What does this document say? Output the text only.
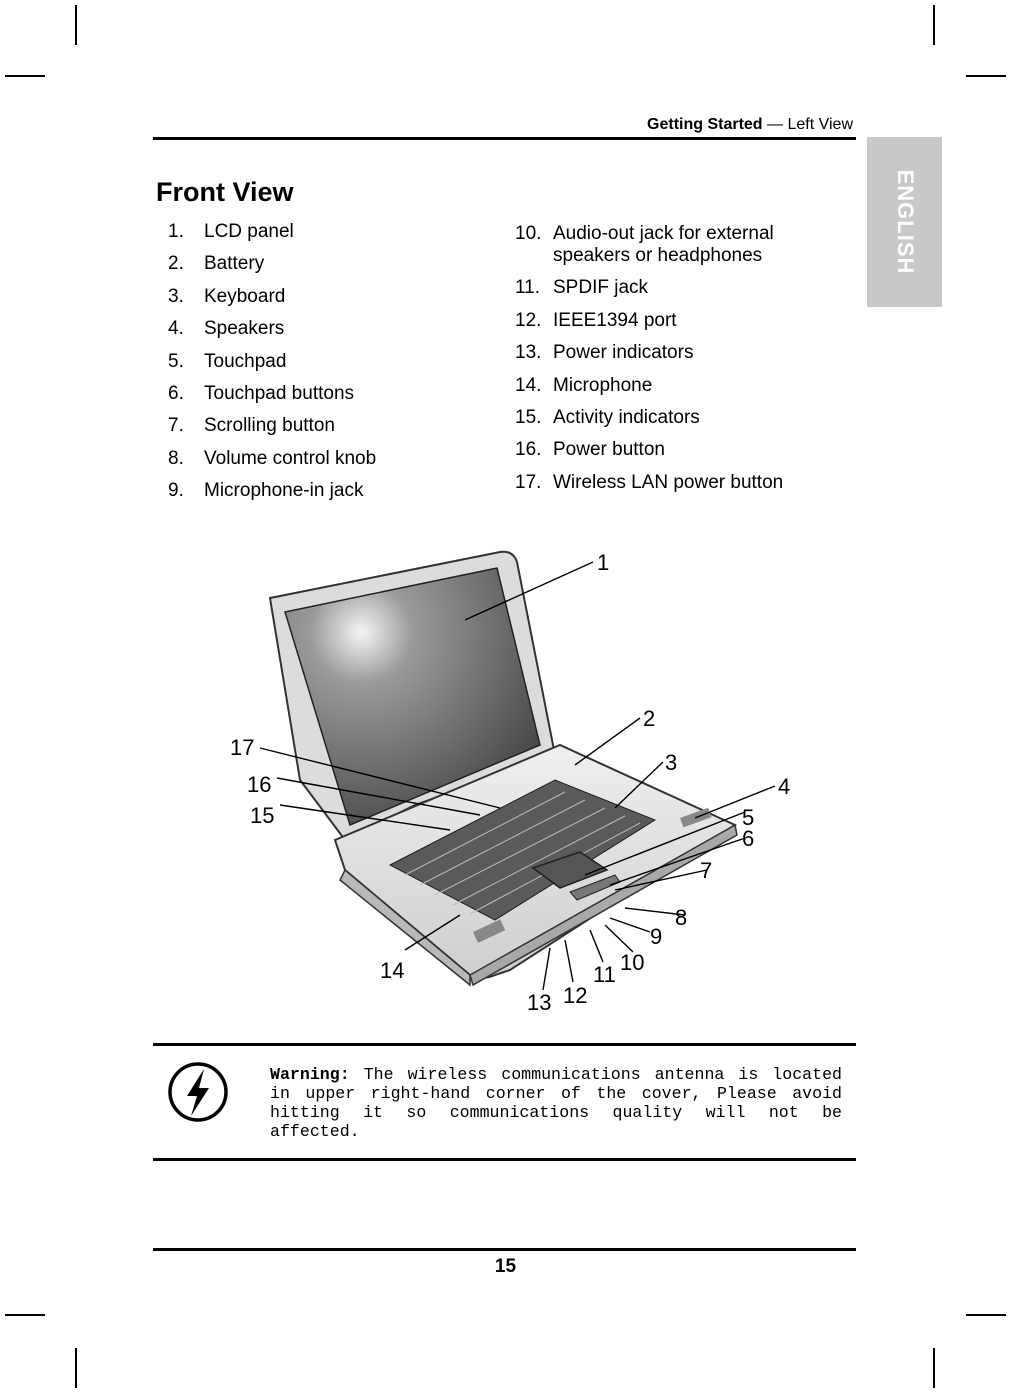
Getting Started — Left View
ENGLISH
Front View
1. LCD panel
2. Battery
3. Keyboard
4. Speakers
5. Touchpad
6. Touchpad buttons
7. Scrolling button
8. Volume control knob
9. Microphone-in jack
10. Audio-out jack for external speakers or headphones
11. SPDIF jack
12. IEEE1394 port
13. Power indicators
14. Microphone
15. Activity indicators
16. Power button
17. Wireless LAN power button
1
2
3
4
5
6
7
8
9
10
11
12
13
14
15
16
17
Warning: The wireless communications antenna is located in upper right-hand corner of the cover, Please avoid hitting it so communications quality will not be affected.
15
